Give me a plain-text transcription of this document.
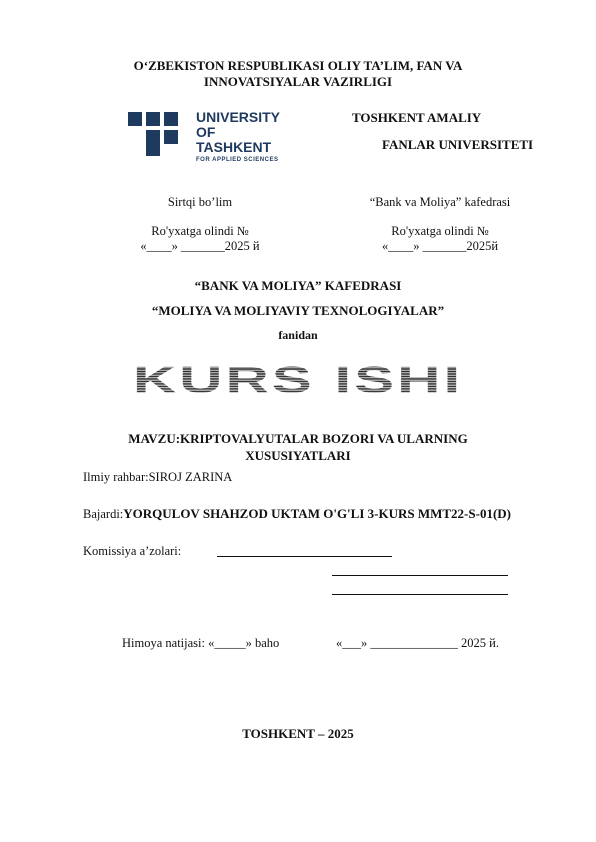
O‘ZBEKISTON RESPUBLIKASI OLIY TA’LIM, FAN VA
INNOVATSIYALAR VAZIRLIGI
UNIVERSITY
OF TASHKENT
FOR APPLIED SCIENCES
TOSHKENT AMALIY
FANLAR UNIVERSITETI
Sirtqi bo’lim
Ro'yxatga olindi №
«____» _______2025 й
“Bank va Moliya” kafedrasi
Ro'yxatga olindi №
«____» _______2025й
“BANK VA MOLIYA” KAFEDRASI
“MOLIYA VA MOLIYAVIY TEXNOLOGIYALAR”
fanidan
KURS ISHI
MAVZU:KRIPTOVALYUTALAR BOZORI VA ULARNING
XUSUSIYATLARI
Ilmiy rahbar:SIROJ ZARINA
Bajardi:YORQULOV SHAHZOD UKTAM O'G'LI 3-KURS MMT22-S-01(D)
Komissiya a’zolari:
Himoya natijasi: «_____» baho	«___» ______________ 2025 й.
TOSHKENT – 2025
